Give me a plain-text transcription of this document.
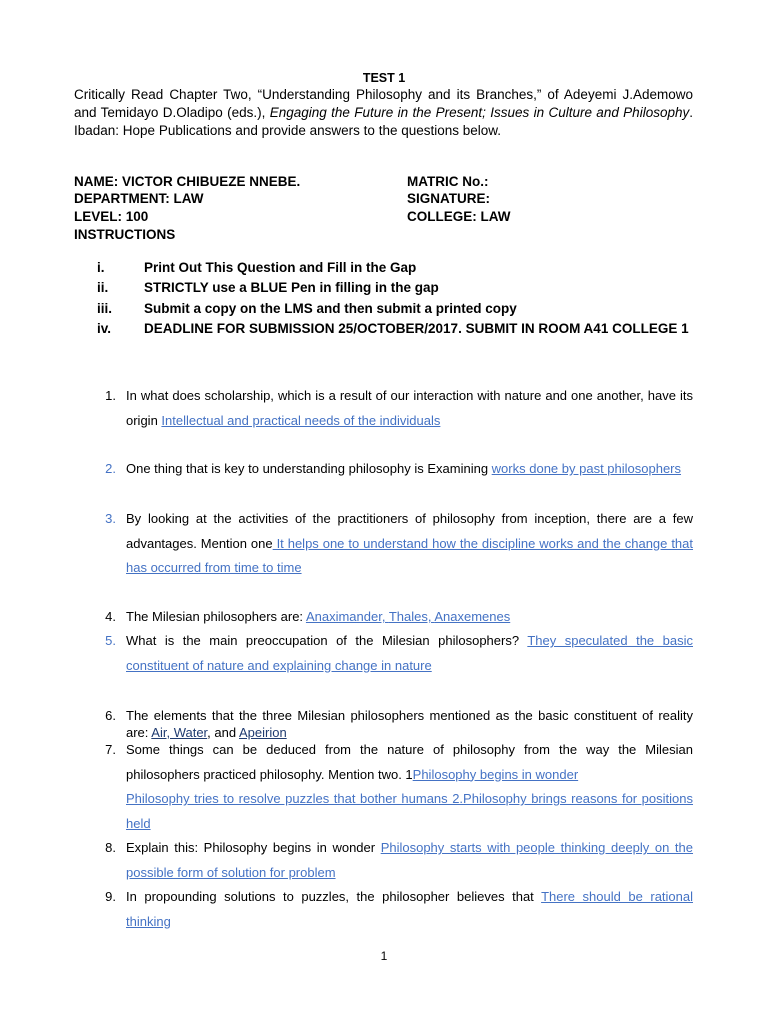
TEST 1
Critically Read Chapter Two, “Understanding Philosophy and its Branches,” of Adeyemi J.Ademowo and Temidayo D.Oladipo (eds.), Engaging the Future in the Present; Issues in Culture and Philosophy. Ibadan: Hope Publications and provide answers to the questions below.
NAME: VICTOR CHIBUEZE NNEBE.
DEPARTMENT: LAW
LEVEL: 100
INSTRUCTIONS
MATRIC No.:
SIGNATURE:
COLLEGE: LAW
i.	Print Out This Question and Fill in the Gap
ii.	STRICTLY use a BLUE Pen in filling in the gap
iii. Submit a copy on the LMS and then submit a printed copy
iv. DEADLINE FOR SUBMISSION 25/OCTOBER/2017. SUBMIT IN ROOM A41 COLLEGE 1
1. In what does scholarship, which is a result of our interaction with nature and one another, have its origin Intellectual and practical needs of the individuals
2. One thing that is key to understanding philosophy is Examining works done by past philosophers
3. By looking at the activities of the practitioners of philosophy from inception, there are a few advantages. Mention one It helps one to understand how the discipline works and the change that has occurred from time to time
4. The Milesian philosophers are: Anaximander, Thales, Anaxemenes
5. What is the main preoccupation of the Milesian philosophers? They speculated the basic constituent of nature and explaining change in nature
6. The elements that the three Milesian philosophers mentioned as the basic constituent of reality are: Air, Water, and Apeirion
7. Some things can be deduced from the nature of philosophy from the way the Milesian philosophers practiced philosophy. Mention two. 1Philosophy begins in wonder
Philosophy tries to resolve puzzles that bother humans 2.Philosophy brings reasons for positions held
8. Explain this: Philosophy begins in wonder Philosophy starts with people thinking deeply on the possible form of solution for problem
9. In propounding solutions to puzzles, the philosopher believes that There should be rational thinking
1
